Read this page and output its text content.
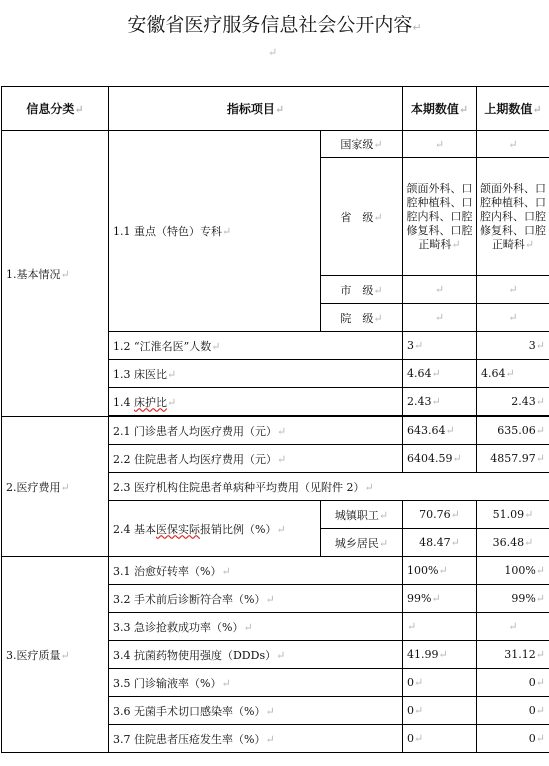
安徽省医疗服务信息社会公开内容↵
↵
信息分类↵	指标项目↵		本期数值↵	上期数值↵
1.基本情况↵	1.1 重点（特色）专科↵	国家级↵	↵	↵
		省　级↵	颌面外科、口腔种植科、口腔内科、口腔修复科、口腔正畸科↵	颌面外科、口腔种植科、口腔内科、口腔修复科、口腔正畸科↵
		市　级↵	↵	↵
		院　级↵	↵	↵
	1.2 “江淮名医”人数↵		3↵	3↵
	1.3 床医比↵		4.64↵	4.64↵
	1.4 床护比↵		2.43↵	2.43↵

2.医疗费用↵	2.1 门诊患者人均医疗费用（元）↵		643.64↵	635.06↵
	2.2 住院患者人均医疗费用（元）↵		6404.59↵	4857.97↵
	2.3 医疗机构住院患者单病种平均费用（见附件 2）↵			
	2.4 基本医保实际报销比例（%）↵	城镇职工↵	70.76↵	51.09↵
		城乡居民↵	48.47↵	36.48↵
3.医疗质量↵	3.1 治愈好转率（%）↵		100%↵	100%↵
	3.2 手术前后诊断符合率（%）↵		99%↵	99%↵
	3.3 急诊抢救成功率（%）↵		↵	↵
	3.4 抗菌药物使用强度（DDDs）↵		41.99↵	31.12↵
	3.5 门诊输液率（%）↵		0↵	0↵
	3.6 无菌手术切口感染率（%）↵		0↵	0↵
	3.7 住院患者压疮发生率（%）↵		0↵	0↵
